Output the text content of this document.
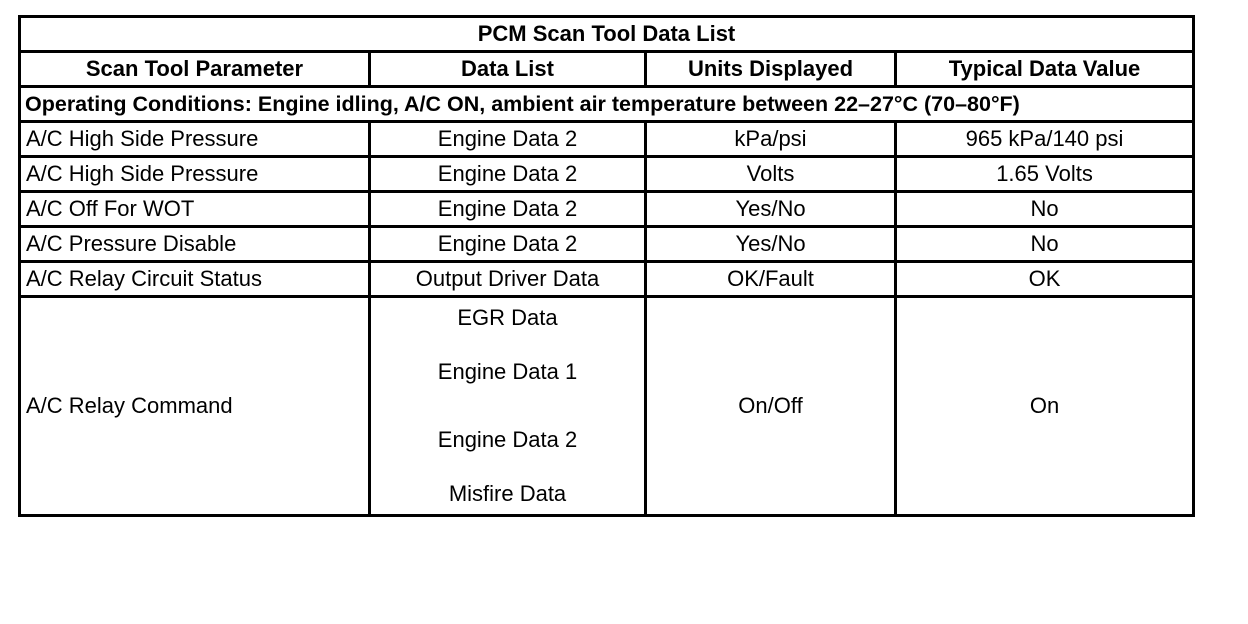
PCM Scan Tool Data List			
Scan Tool Parameter	Data List	Units Displayed	Typical Data Value
Operating Conditions: Engine idling, A/C ON, ambient air temperature between 22–27°C (70–80°F)			
A/C High Side Pressure	Engine Data 2	kPa/psi	965 kPa/140 psi
A/C High Side Pressure	Engine Data 2	Volts	1.65 Volts
A/C Off For WOT	Engine Data 2	Yes/No	No
A/C Pressure Disable	Engine Data 2	Yes/No	No
A/C Relay Circuit Status	Output Driver Data	OK/Fault	OK
A/C Relay Command	EGR Data
Engine Data 1
Engine Data 2
Misfire Data	On/Off	On
